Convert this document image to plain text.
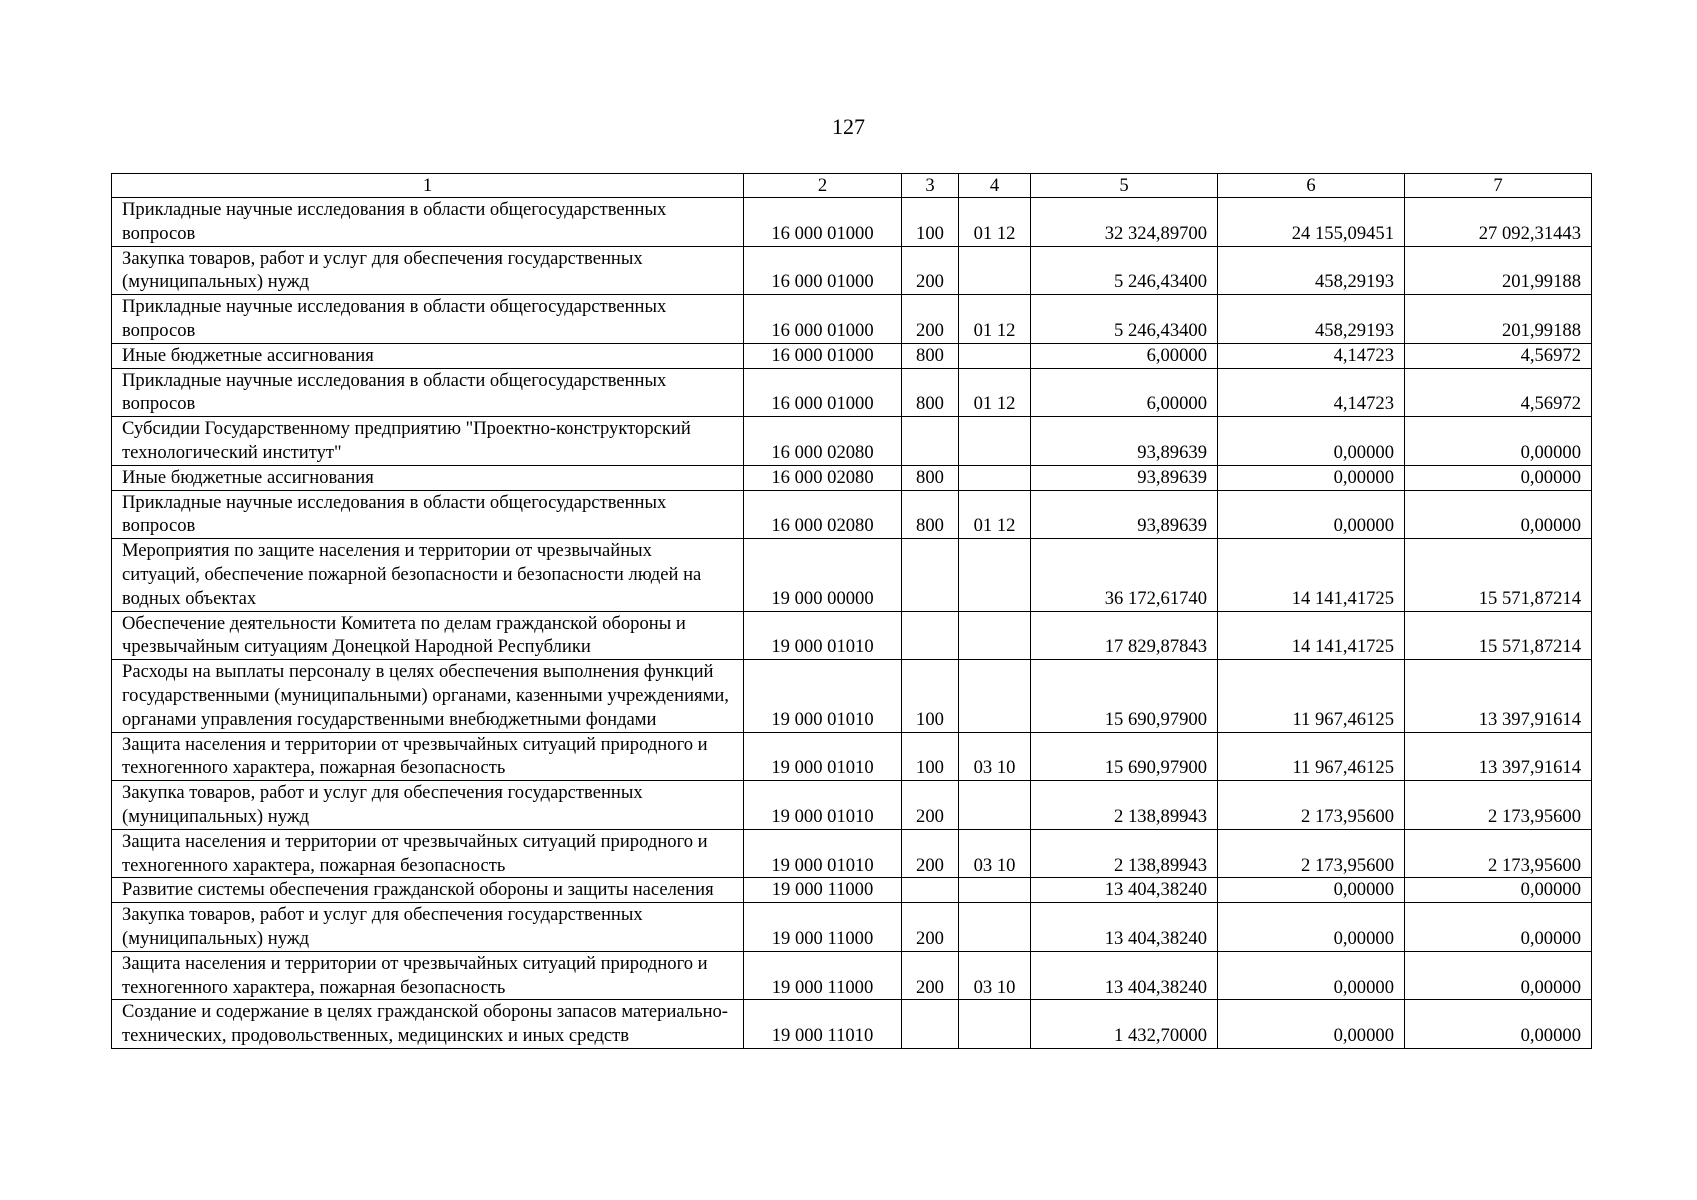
127
1	2	3	4	5	6	7
Прикладные научные исследования в области общегосударственных вопросов	16 000 01000	100	01 12	32 324,89700	24 155,09451	27 092,31443
Закупка товаров, работ и услуг для обеспечения государственных (муниципальных) нужд	16 000 01000	200		5 246,43400	458,29193	201,99188
Прикладные научные исследования в области общегосударственных вопросов	16 000 01000	200	01 12	5 246,43400	458,29193	201,99188
Иные бюджетные ассигнования	16 000 01000	800		6,00000	4,14723	4,56972
Прикладные научные исследования в области общегосударственных вопросов	16 000 01000	800	01 12	6,00000	4,14723	4,56972
Субсидии Государственному предприятию "Проектно-конструкторский технологический институт"	16 000 02080			93,89639	0,00000	0,00000
Иные бюджетные ассигнования	16 000 02080	800		93,89639	0,00000	0,00000
Прикладные научные исследования в области общегосударственных вопросов	16 000 02080	800	01 12	93,89639	0,00000	0,00000
Мероприятия по защите населения и территории от чрезвычайных ситуаций, обеспечение пожарной безопасности и безопасности людей на водных объектах	19 000 00000			36 172,61740	14 141,41725	15 571,87214
Обеспечение деятельности Комитета по делам гражданской обороны и чрезвычайным ситуациям Донецкой Народной Республики	19 000 01010			17 829,87843	14 141,41725	15 571,87214
Расходы на выплаты персоналу в целях обеспечения выполнения функций государственными (муниципальными) органами, казенными учреждениями, органами управления государственными внебюджетными фондами	19 000 01010	100		15 690,97900	11 967,46125	13 397,91614
Защита населения и территории от чрезвычайных ситуаций природного и техногенного характера, пожарная безопасность	19 000 01010	100	03 10	15 690,97900	11 967,46125	13 397,91614
Закупка товаров, работ и услуг для обеспечения государственных (муниципальных) нужд	19 000 01010	200		2 138,89943	2 173,95600	2 173,95600
Защита населения и территории от чрезвычайных ситуаций природного и техногенного характера, пожарная безопасность	19 000 01010	200	03 10	2 138,89943	2 173,95600	2 173,95600
Развитие системы обеспечения гражданской обороны и защиты населения	19 000 11000			13 404,38240	0,00000	0,00000
Закупка товаров, работ и услуг для обеспечения государственных (муниципальных) нужд	19 000 11000	200		13 404,38240	0,00000	0,00000
Защита населения и территории от чрезвычайных ситуаций природного и техногенного характера, пожарная безопасность	19 000 11000	200	03 10	13 404,38240	0,00000	0,00000
Создание и содержание в целях гражданской обороны запасов материально-технических, продовольственных, медицинских и иных средств	19 000 11010			1 432,70000	0,00000	0,00000
